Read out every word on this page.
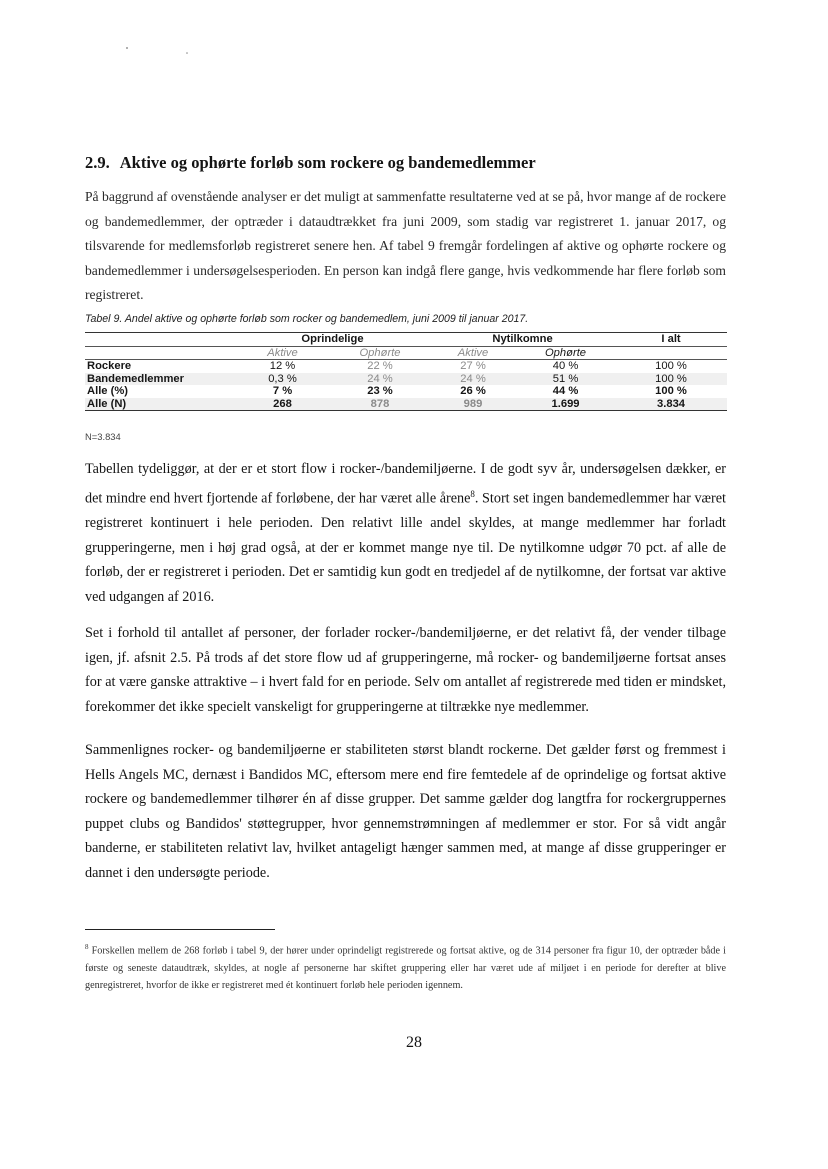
2.9. Aktive og ophørte forløb som rockere og bandemedlemmer

På baggrund af ovenstående analyser er det muligt at sammenfatte resultaterne ved at se på, hvor mange af de rockere og bandemedlemmer, der optræder i dataudtrækket fra juni 2009, som stadig var registreret 1. januar 2017, og tilsvarende for medlemsforløb registreret senere hen. Af tabel 9 fremgår fordelingen af aktive og ophørte rockere og bandemedlemmer i undersøgelsesperioden. En person kan indgå flere gange, hvis vedkommende har flere forløb som registreret.

Tabel 9. Andel aktive og ophørte forløb som rocker og bandemedlem, juni 2009 til januar 2017.
	Oprindelige		Nytilkomne		I alt
	Aktive	Ophørte	Aktive	Ophørte	
Rockere	12 %	22 %	27 %	40 %	100 %
Bandemedlemmer	0,3 %	24 %	24 %	51 %	100 %
Alle (%)	7 %	23 %	26 %	44 %	100 %
Alle (N)	268	878	989	1.699	3.834
N=3.834

Tabellen tydeliggør, at der er et stort flow i rocker-/bandemiljøerne. I de godt syv år, undersøgelsen dækker, er det mindre end hvert fjortende af forløbene, der har været alle årene$^8$. Stort set ingen bandemedlemmer har været registreret kontinuert i hele perioden. Den relativt lille andel skyldes, at mange medlemmer har forladt grupperingerne, men i høj grad også, at der er kommet mange nye til. De nytilkomne udgør 70 pct. af alle de forløb, der er registreret i perioden. Det er samtidig kun godt en tredjedel af de nytilkomne, der fortsat var aktive ved udgangen af 2016.

Set i forhold til antallet af personer, der forlader rocker-/bandemiljøerne, er det relativt få, der vender tilbage igen, jf. afsnit 2.5. På trods af det store flow ud af grupperingerne, må rocker- og bandemiljøerne fortsat anses for at være ganske attraktive – i hvert fald for en periode. Selv om antallet af registrerede med tiden er mindsket, forekommer det ikke specielt vanskeligt for grupperingerne at tiltrække nye medlemmer.

Sammenlignes rocker- og bandemiljøerne er stabiliteten størst blandt rockerne. Det gælder først og fremmest i Hells Angels MC, dernæst i Bandidos MC, eftersom mere end fire femtedele af de oprindelige og fortsat aktive rockere og bandemedlemmer tilhører én af disse grupper. Det samme gælder dog langtfra for rockergruppernes puppet clubs og Bandidos' støttegrupper, hvor gennemstrømningen af medlemmer er stor. For så vidt angår banderne, er stabiliteten relativt lav, hvilket antageligt hænger sammen med, at mange af disse grupperinger er dannet i den undersøgte periode.

$^8$ Forskellen mellem de 268 forløb i tabel 9, der hører under oprindeligt registrerede og fortsat aktive, og de 314 personer fra figur 10, der optræder både i første og seneste dataudtræk, skyldes, at nogle af personerne har skiftet gruppering eller har været ude af miljøet i en periode for derefter at blive genregistreret, hvorfor de ikke er registreret med ét kontinuert forløb hele perioden igennem.

28
